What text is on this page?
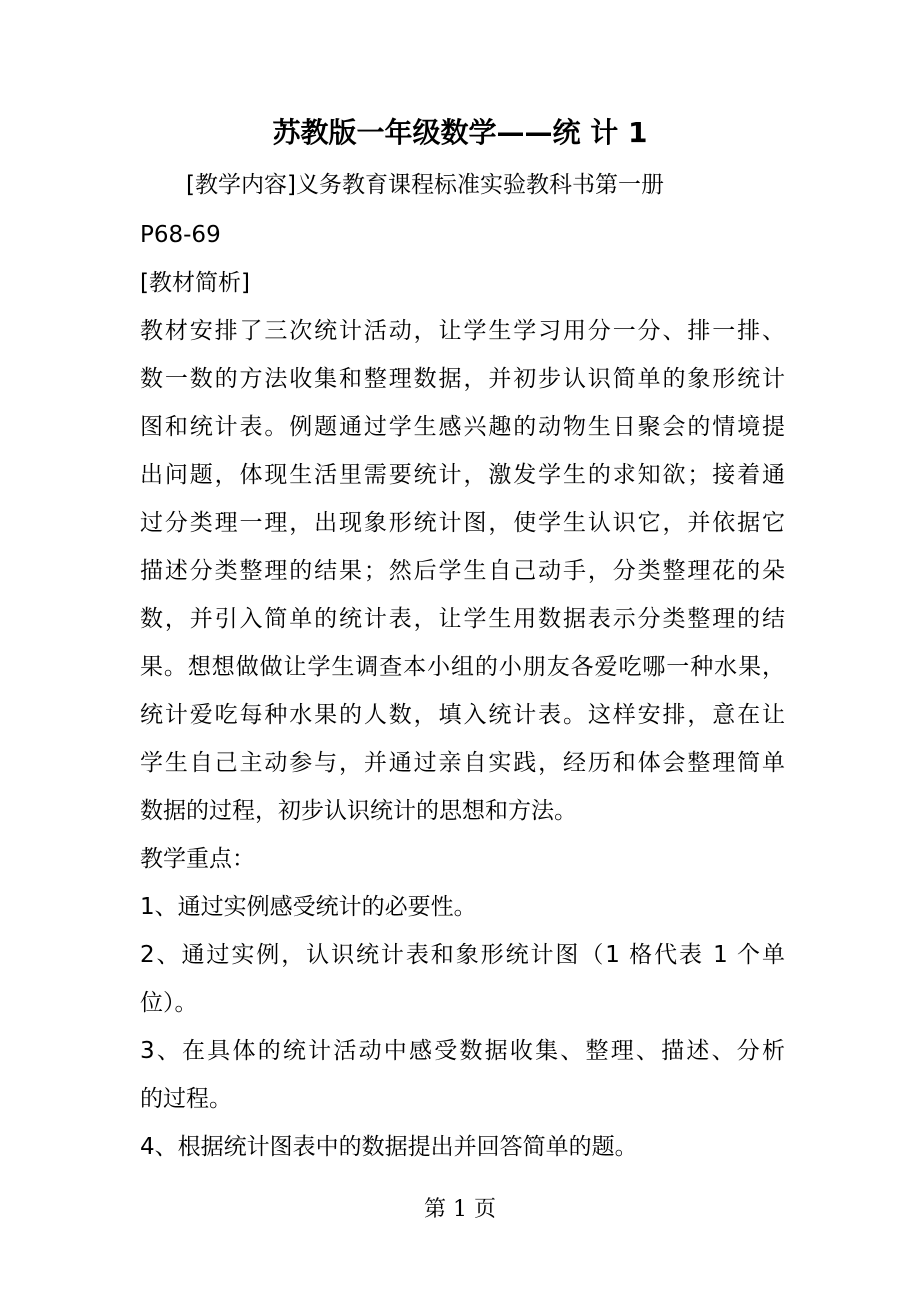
苏教版一年级数学——统 计 1
[教学内容]义务教育课程标准实验教科书第一册
P68-69
[教材简析]
教材安排了三次统计活动，让学生学习用分一分、排一排、
数一数的方法收集和整理数据，并初步认识简单的象形统计
图和统计表。例题通过学生感兴趣的动物生日聚会的情境提
出问题，体现生活里需要统计，激发学生的求知欲；接着通
过分类理一理，出现象形统计图，使学生认识它，并依据它
描述分类整理的结果；然后学生自己动手，分类整理花的朵
数，并引入简单的统计表，让学生用数据表示分类整理的结
果。想想做做让学生调查本小组的小朋友各爱吃哪一种水果，
统计爱吃每种水果的人数，填入统计表。这样安排，意在让
学生自己主动参与，并通过亲自实践，经历和体会整理简单
数据的过程，初步认识统计的思想和方法。
教学重点：
1、通过实例感受统计的必要性。
2、通过实例，认识统计表和象形统计图（1 格代表 1 个单
位）。
3、在具体的统计活动中感受数据收集、整理、描述、分析
的过程。
4、根据统计图表中的数据提出并回答简单的题。
第 1 页
